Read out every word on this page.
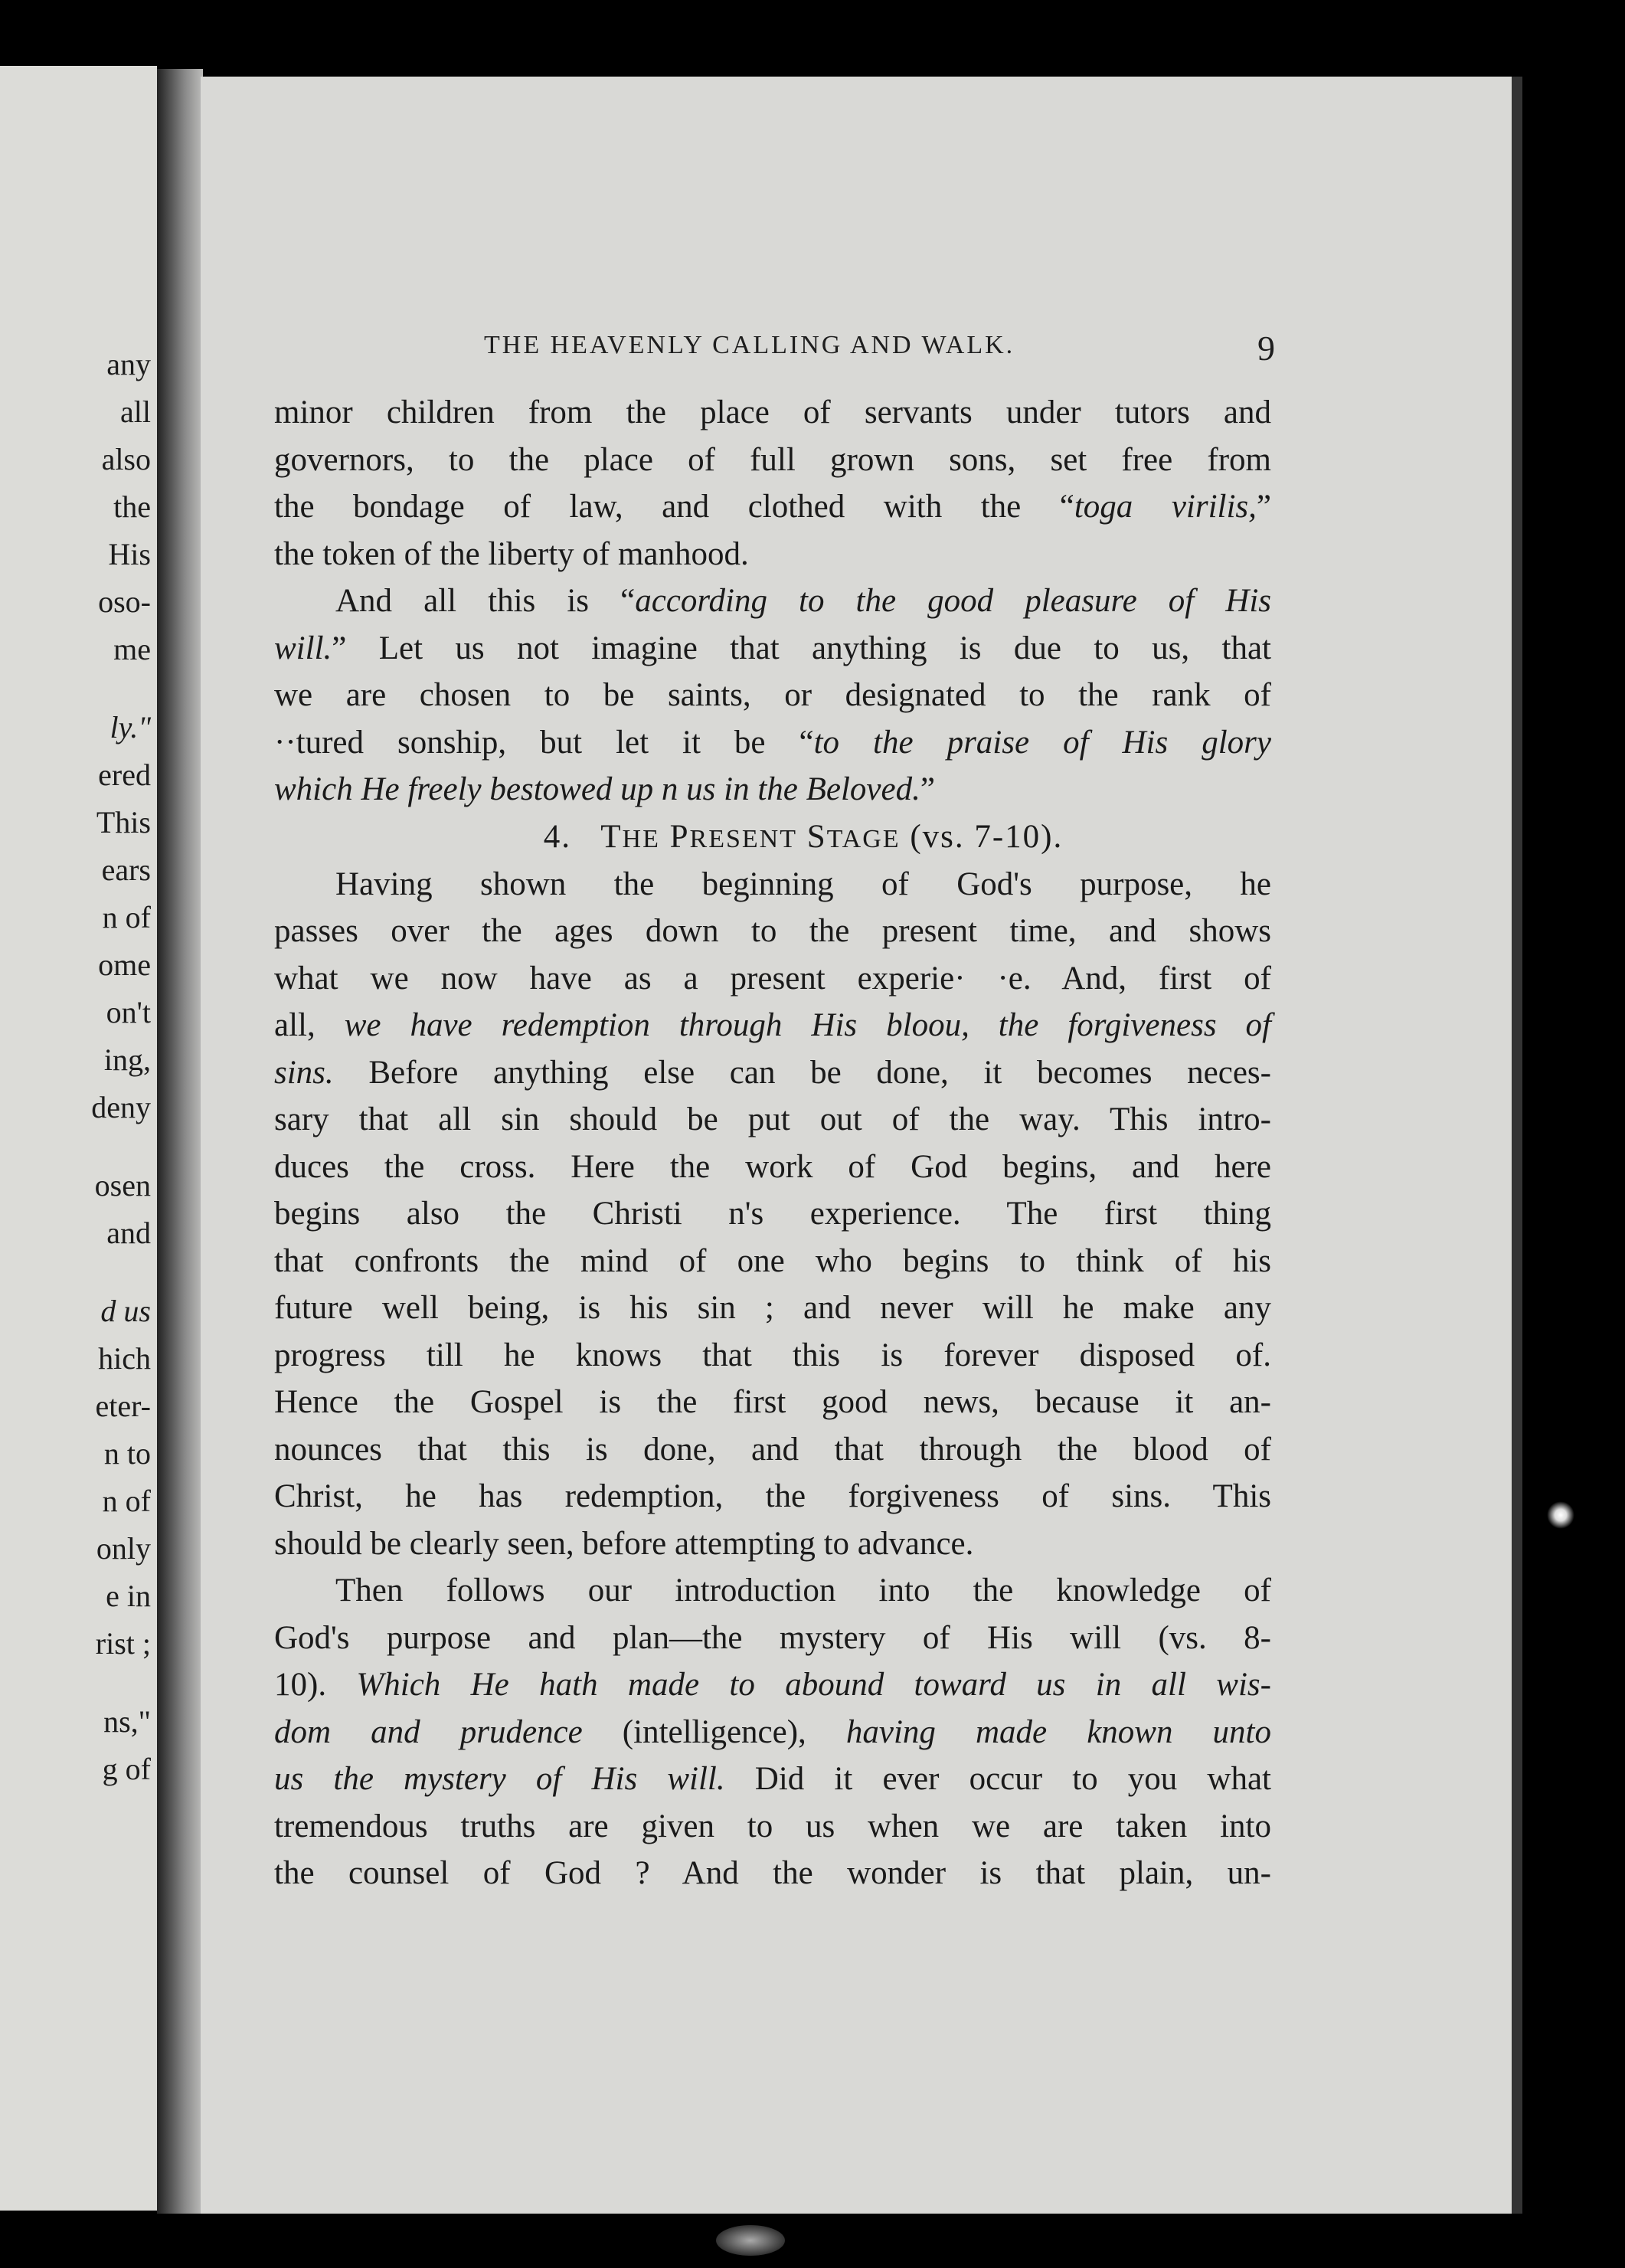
any
all
also
the
His
oso-
me
ly."
ered
This
ears
n of
ome
on't
ing,
deny
osen
and
d us
hich
eter-
n to
n of
only
e in
rist ;
ns,"
g of
THE HEAVENLY CALLING AND WALK.	9

minor children from the place of servants under tutors and

governors, to the place of full grown sons, set free from

the bondage of law, and clothed with the “toga virilis,”

the token of the liberty of manhood.

And all this is “according to the good pleasure of His

will.” Let us not imagine that anything is due to us, that

we are chosen to be saints, or designated to the rank of

··tured sonship, but let it be “to the praise of His glory

which He freely bestowed up n us in the Beloved.”

4. THE PRESENT STAGE (vs. 7-10).

Having shown the beginning of God's purpose, he

passes over the ages down to the present time, and shows

what we now have as a present experie· ·e. And, first of

all, we have redemption through His bloou, the forgiveness of

sins. Before anything else can be done, it becomes neces-

sary that all sin should be put out of the way. This intro-

duces the cross. Here the work of God begins, and here

begins also the Christi n's experience. The first thing

that confronts the mind of one who begins to think of his

future well being, is his sin ; and never will he make any

progress till he knows that this is forever disposed of.

Hence the Gospel is the first good news, because it an-

nounces that this is done, and that through the blood of

Christ, he has redemption, the forgiveness of sins. This

should be clearly seen, before attempting to advance.

Then follows our introduction into the knowledge of

God's purpose and plan—the mystery of His will (vs. 8-

10). Which He hath made to abound toward us in all wis-

dom and prudence (intelligence), having made known unto

us the mystery of His will. Did it ever occur to you what

tremendous truths are given to us when we are taken into

the counsel of God ? And the wonder is that plain, un-
